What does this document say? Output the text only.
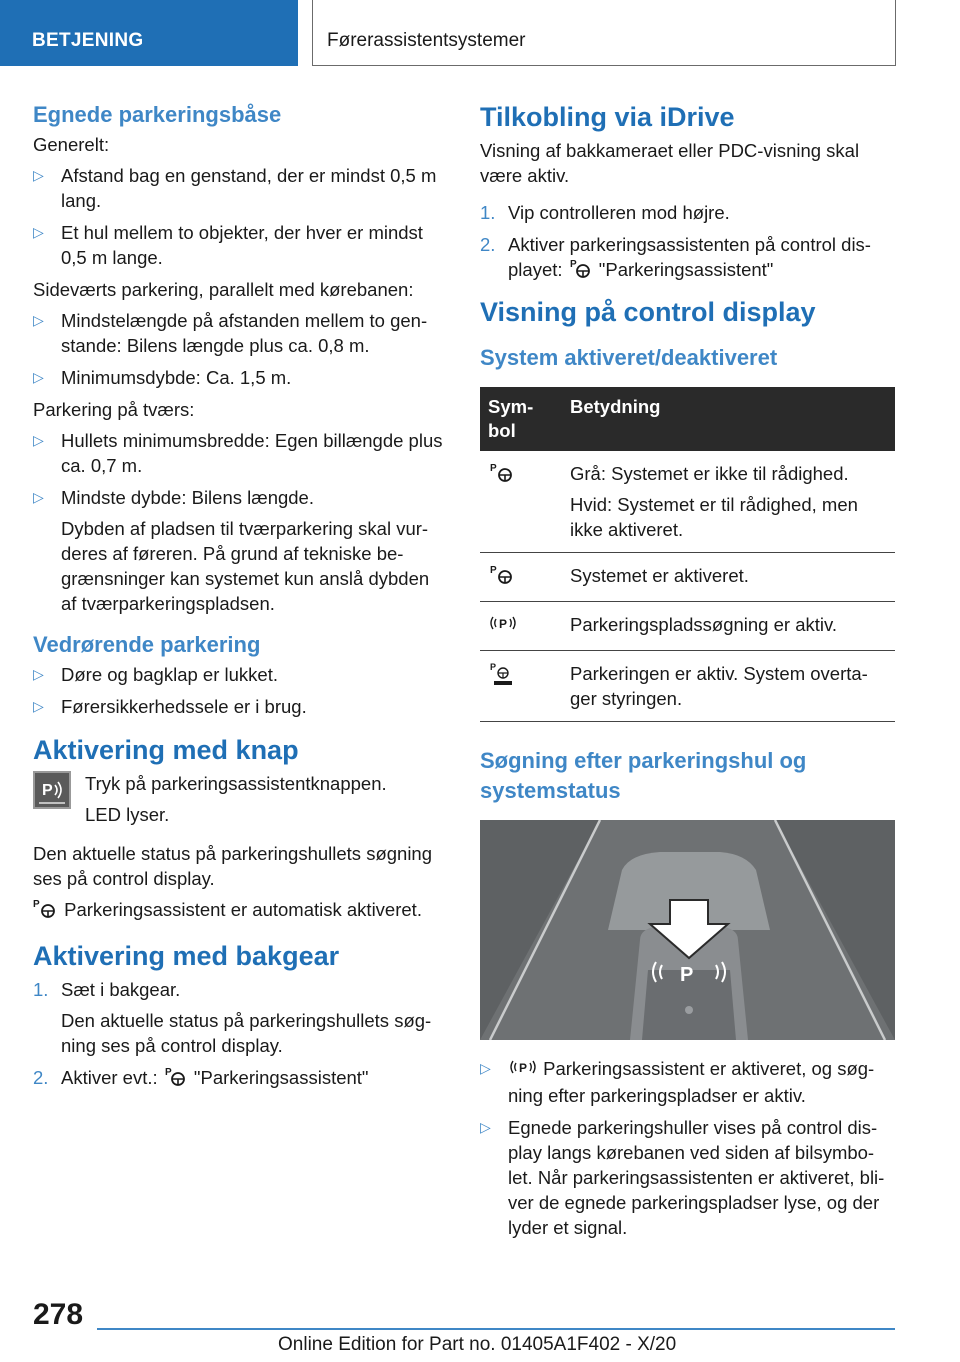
BETJENING	Førerassistentsystemer
Egnede parkeringsbåse
Generelt:
▷ Afstand bag en genstand, der er mindst 0,5 m lang.
▷ Et hul mellem to objekter, der hver er mindst 0,5 m lange.
Sideværts parkering, parallelt med kørebanen:
▷ Mindstelængde på afstanden mellem to gen-stande: Bilens længde plus ca. 0,8 m.
▷ Minimumsdybde: Ca. 1,5 m.
Parkering på tværs:
▷ Hullets minimumsbredde: Egen billængde plus ca. 0,7 m.
▷ Mindste dybde: Bilens længde.
Dybden af pladsen til tværparkering skal vur-deres af føreren. På grund af tekniske be-grænsninger kan systemet kun anslå dybden af tværparkeringspladsen.
Vedrørende parkering
▷ Døre og bagklap er lukket.
▷ Førersikkerhedssele er i brug.
Aktivering med knap
P Tryk på parkeringsassistentknappen.
LED lyser.
Den aktuelle status på parkeringshullets søgning ses på control display.
P Parkeringsassistent er automatisk aktiveret.
Aktivering med bakgear
1. Sæt i bakgear.
Den aktuelle status på parkeringshullets søg-ning ses på control display.
2. Aktiver evt.: P "Parkeringsassistent"
Tilkobling via iDrive
Visning af bakkameraet eller PDC-visning skal være aktiv.
1. Vip controlleren mod højre.
2. Aktiver parkeringsassistenten på control dis-playet: P "Parkeringsassistent"
Visning på control display
System aktiveret/deaktiveret
Sym-bol	Betydning

P	Grå: Systemet er ikke til rådighed.
Hvid: Systemet er til rådighed, men ikke aktiveret.

P	Systemet er aktiveret.

P	Parkeringspladssøgning er aktiv.

P	Parkeringen er aktiv. System overta-ger styringen.
Søgning efter parkeringshul og systemstatus
P
▷ P Parkeringsassistent er aktiveret, og søg-ning efter parkeringspladser er aktiv.
▷ Egnede parkeringshuller vises på control dis-play langs kørebanen ved siden af bilsymbo-let. Når parkeringsassistenten er aktiveret, bli-ver de egnede parkeringspladser lyse, og der lyder et signal.
278
Online Edition for Part no. 01405A1F402 - X/20
